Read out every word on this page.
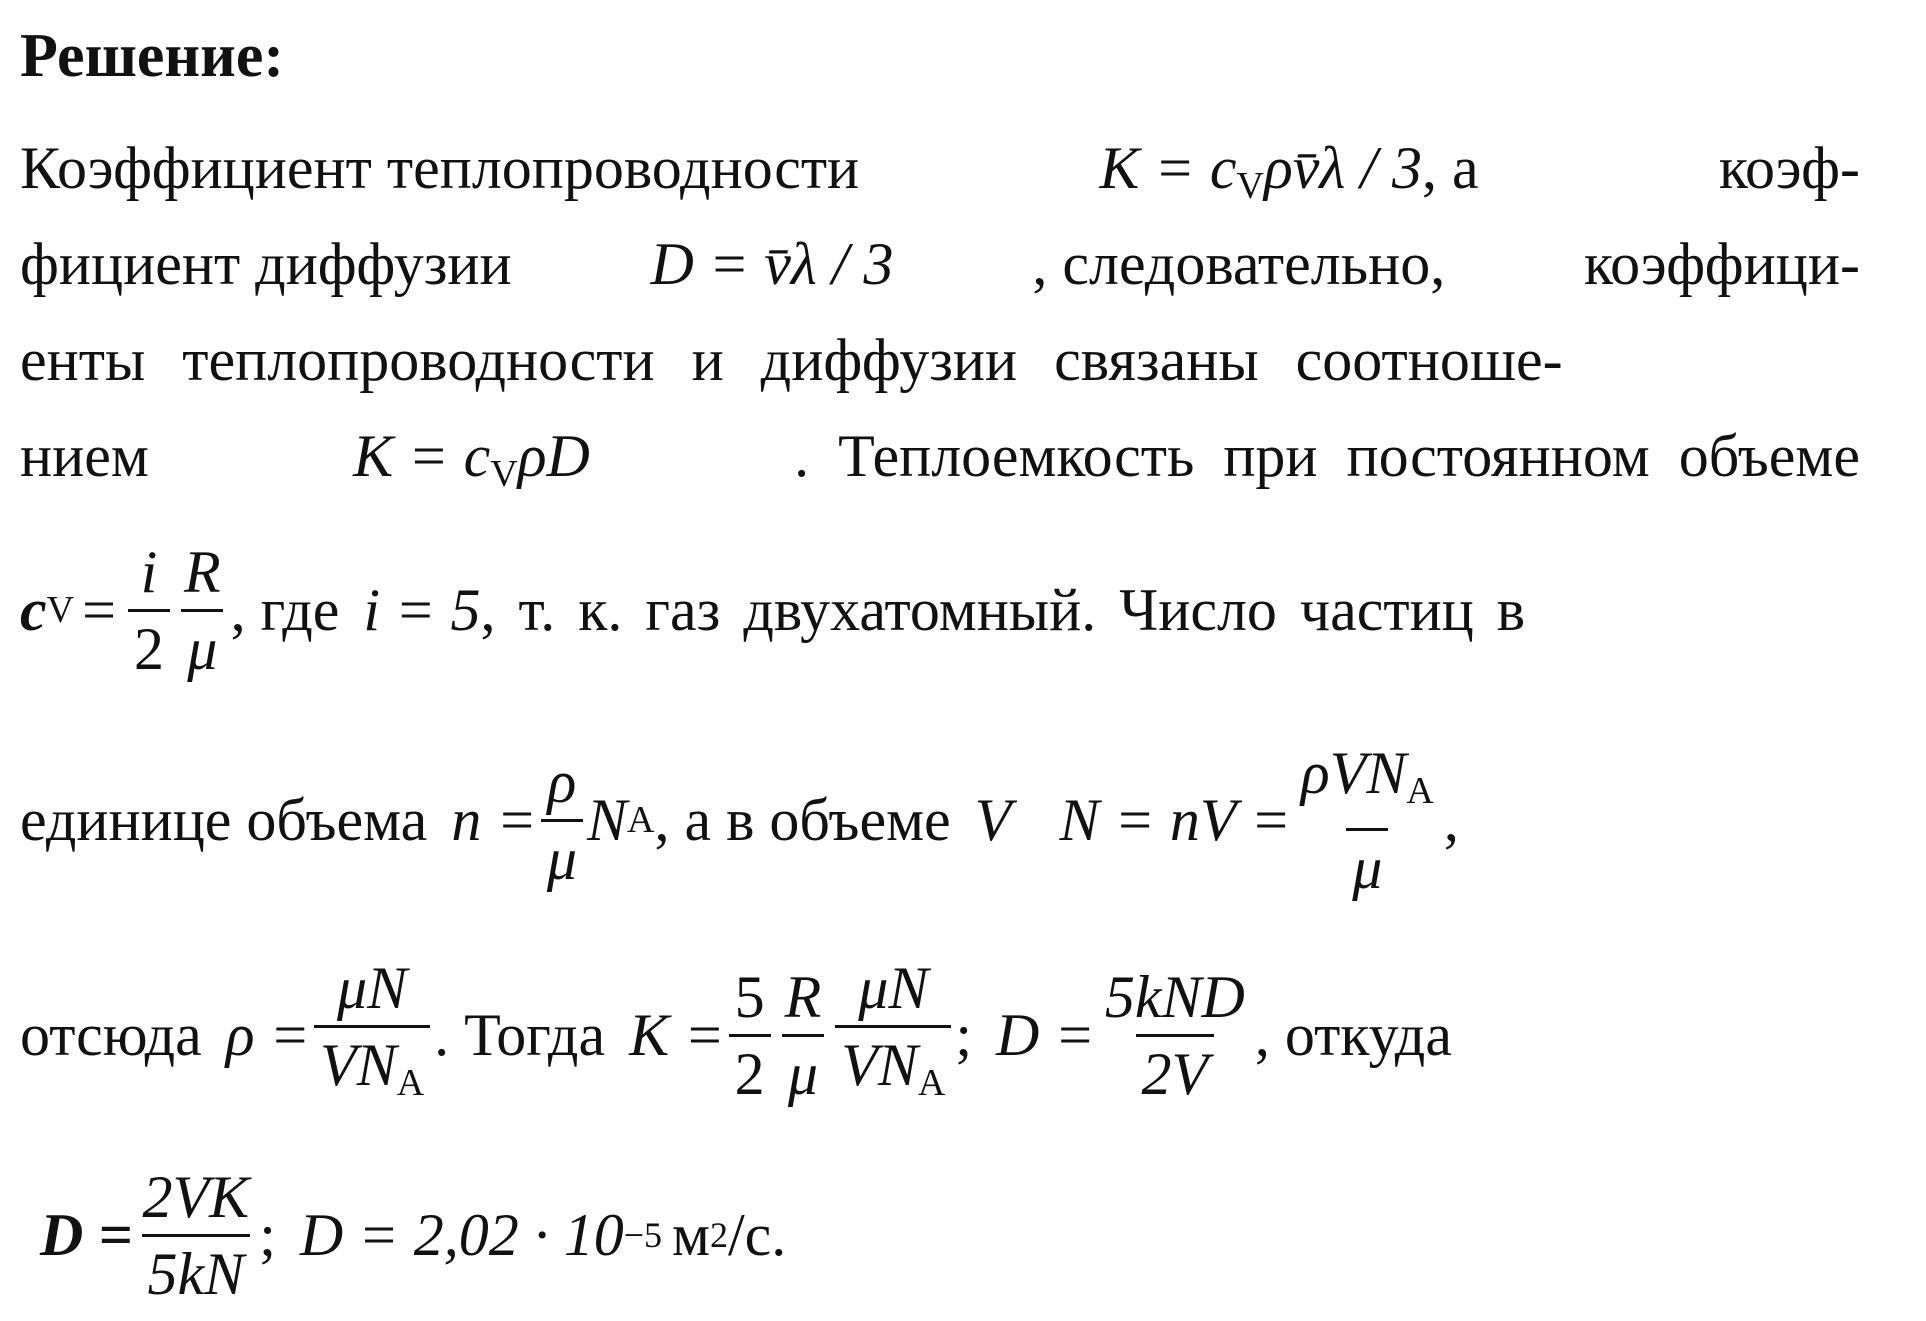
Решение:
Коэффициент теплопроводности	$K = c_V\rho v̄\lambda / 3$, а	коэф-
фициент диффузии D = v̄λ / 3 , следовательно, коэффици-
енты теплопроводности и диффузии связаны соотноше-
нием	$K = c_V\rho D$	. Теплоемкость при постоянном объеме
c $V = \frac{i}{2} \frac{R}{\mu}$ , где i = 5 , т. к. газ двухатомный. Число частиц в
единице объема $n = \frac{\rho}{\mu}$ N A , а в объеме V N = nV = $\frac{\rho VN_A}{\mu}$ ,
отсюда $\rho = \frac{\mu N}{VN_A}$ . Тогда $K = \frac{5}{2} \frac{R}{\mu} \frac{\mu N}{VN_A}$ ; $D = \frac{\text{5kND}}{2V}$ , откуда
$D = \frac{2VK}{5kN}$ ; D = 2,02 · 10 −5 м 2 /с.
